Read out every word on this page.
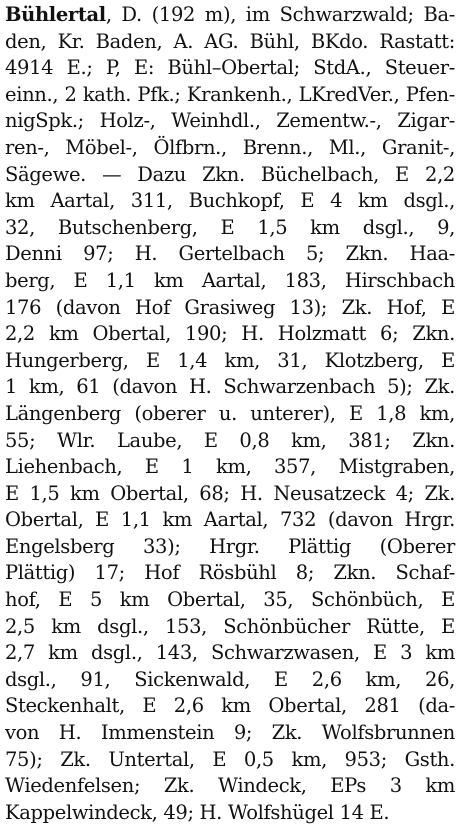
Bühlertal, D. (192 m), im Schwarzwald; Ba-
den, Kr. Baden, A. AG. Bühl, BKdo. Rastatt:
4914 E.; P, E: Bühl–Obertal; StdA., Steuer-
einn., 2 kath. Pfk.; Krankenh., LKredVer., Pfen-
nigSpk.; Holz-, Weinhdl., Zementw.-, Zigar-
ren-, Möbel-, Ölfbrn., Brenn., Ml., Granit-,
Sägewe. — Dazu Zkn. Büchelbach, E 2,2
km Aartal, 311, Buchkopf, E 4 km dsgl.,
32, Butschenberg, E 1,5 km dsgl., 9,
Denni 97; H. Gertelbach 5; Zkn. Haa-
berg, E 1,1 km Aartal, 183, Hirschbach
176 (davon Hof Grasiweg 13); Zk. Hof, E
2,2 km Obertal, 190; H. Holzmatt 6; Zkn.
Hungerberg, E 1,4 km, 31, Klotzberg, E
1 km, 61 (davon H. Schwarzenbach 5); Zk.
Längenberg (oberer u. unterer), E 1,8 km,
55; Wlr. Laube, E 0,8 km, 381; Zkn.
Liehenbach, E 1 km, 357, Mistgraben,
E 1,5 km Obertal, 68; H. Neusatzeck 4; Zk.
Obertal, E 1,1 km Aartal, 732 (davon Hrgr.
Engelsberg 33); Hrgr. Plättig (Oberer
Plättig) 17; Hof Rösbühl 8; Zkn. Schaf-
hof, E 5 km Obertal, 35, Schönbüch, E
2,5 km dsgl., 153, Schönbücher Rütte, E
2,7 km dsgl., 143, Schwarzwasen, E 3 km
dsgl., 91, Sickenwald, E 2,6 km, 26,
Steckenhalt, E 2,6 km Obertal, 281 (da-
von H. Immenstein 9; Zk. Wolfsbrunnen
75); Zk. Untertal, E 0,5 km, 953; Gsth.
Wiedenfelsen; Zk. Windeck, EPs 3 km
Kappelwindeck, 49; H. Wolfshügel 14 E.
